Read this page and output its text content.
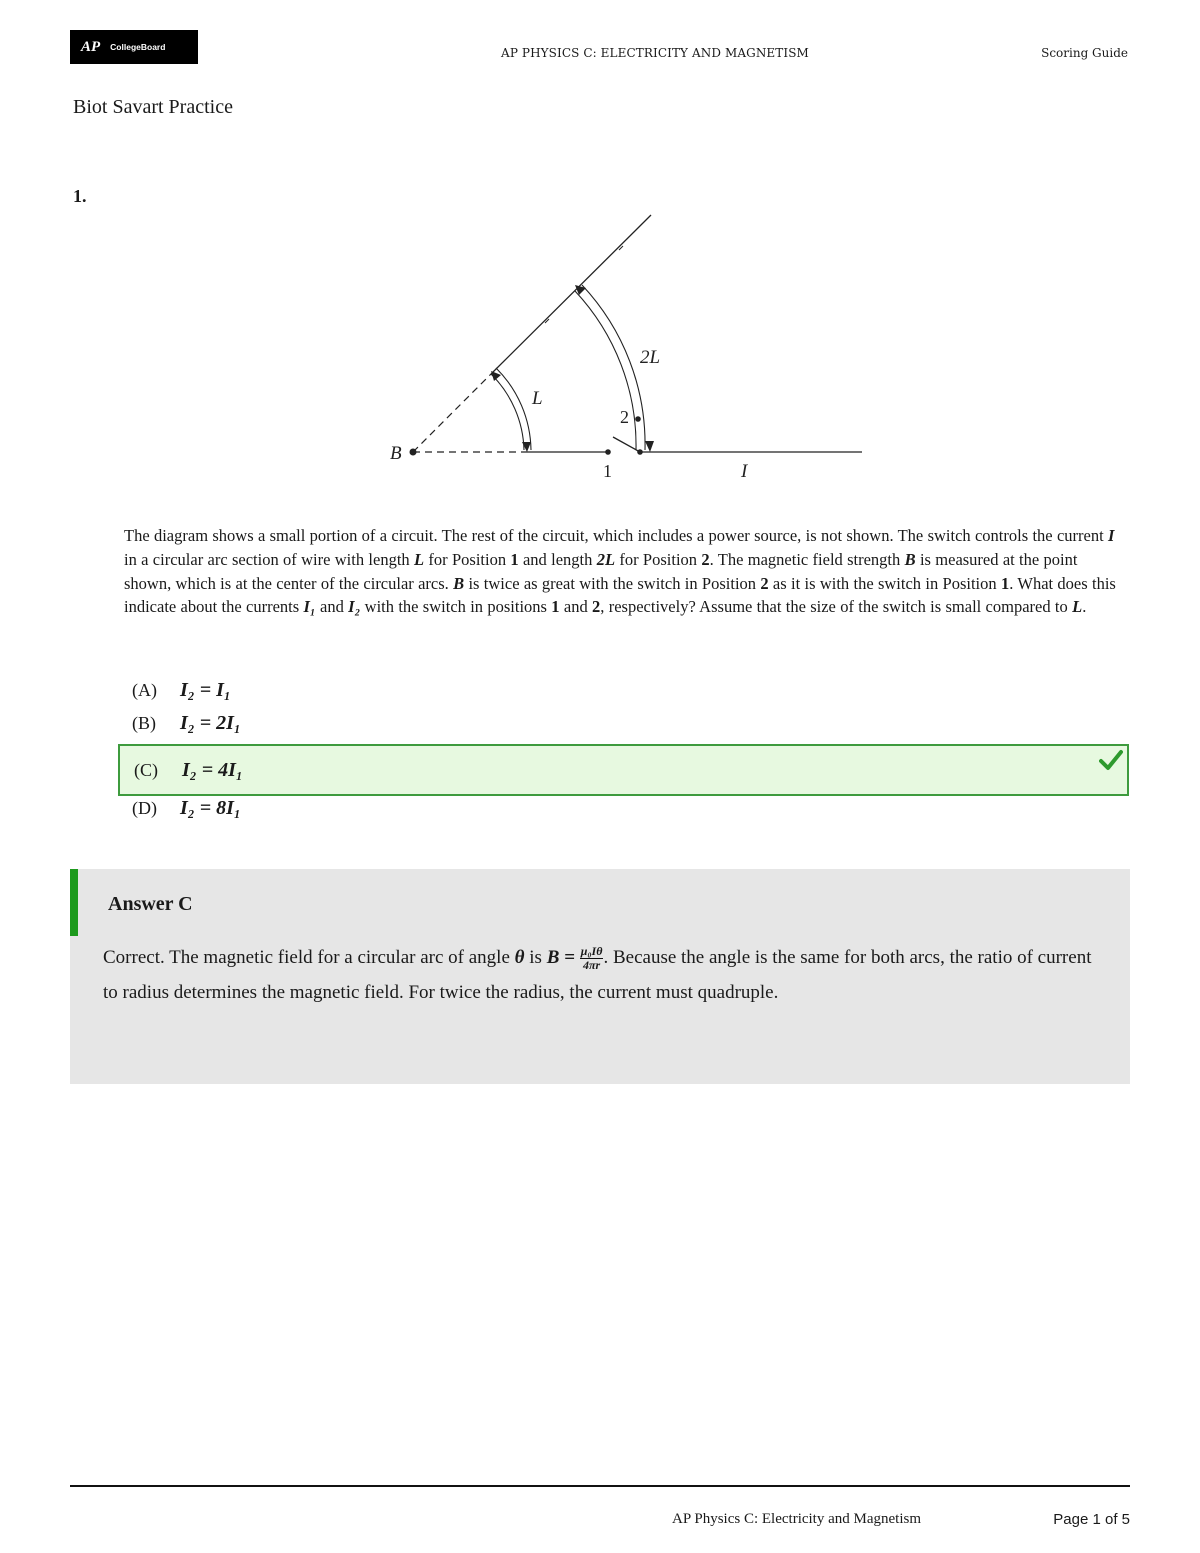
AP CollegeBoard	AP PHYSICS C: ELECTRICITY AND MAGNETISM	Scoring Guide
Biot Savart Practice
1.
B
L
2L
2
1	I
The diagram shows a small portion of a circuit. The rest of the circuit, which includes a power source, is not shown. The switch controls the current I in a circular arc section of wire with length L for Position 1 and length 2L for Position 2. The magnetic field strength B is measured at the point shown, which is at the center of the circular arcs. B is twice as great with the switch in Position 2 as it is with the switch in Position 1. What does this indicate about the currents I₁ and I₂ with the switch in positions 1 and 2, respectively? Assume that the size of the switch is small compared to L.
(A)	I₂ = I₁
(B)	I₂ = 2I₁
(C)	I₂ = 4I₁
(D)	I₂ = 8I₁
Answer C
Correct. The magnetic field for a circular arc of angle θ is $B = \frac{\text{μ₀Iθ}}{4\pi r}$ . Because the angle is the same for both arcs, the ratio of current to radius determines the magnetic field. For twice the radius, the current must quadruple.
AP Physics C: Electricity and Magnetism	Page 1 of 5
